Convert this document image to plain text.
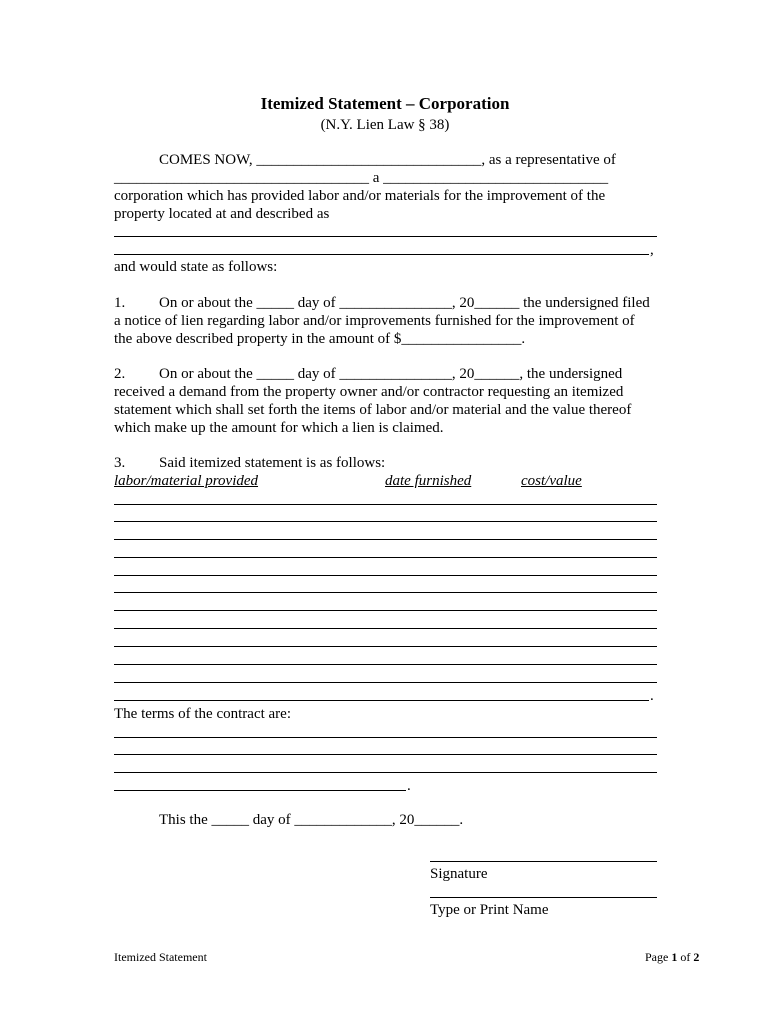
Itemized Statement – Corporation
(N.Y. Lien Law § 38)
COMES NOW, ______________________________, as a representative of
__________________________________ a ______________________________
corporation which has provided labor and/or materials for the improvement of the
property located at and described as
,
and would state as follows:
1. On or about the _____ day of _______________, 20______ the undersigned filed
a notice of lien regarding labor and/or improvements furnished for the improvement of
the above described property in the amount of $________________.
2. On or about the _____ day of _______________, 20______, the undersigned
received a demand from the property owner and/or contractor requesting an itemized
statement which shall set forth the items of labor and/or material and the value thereof
which make up the amount for which a lien is claimed.
3. Said itemized statement is as follows:
labor/material provided	date furnished	cost/value
.
The terms of the contract are:
.
This the _____ day of _____________, 20______.
Signature
Type or Print Name
Itemized Statement	Page 1 of 2
